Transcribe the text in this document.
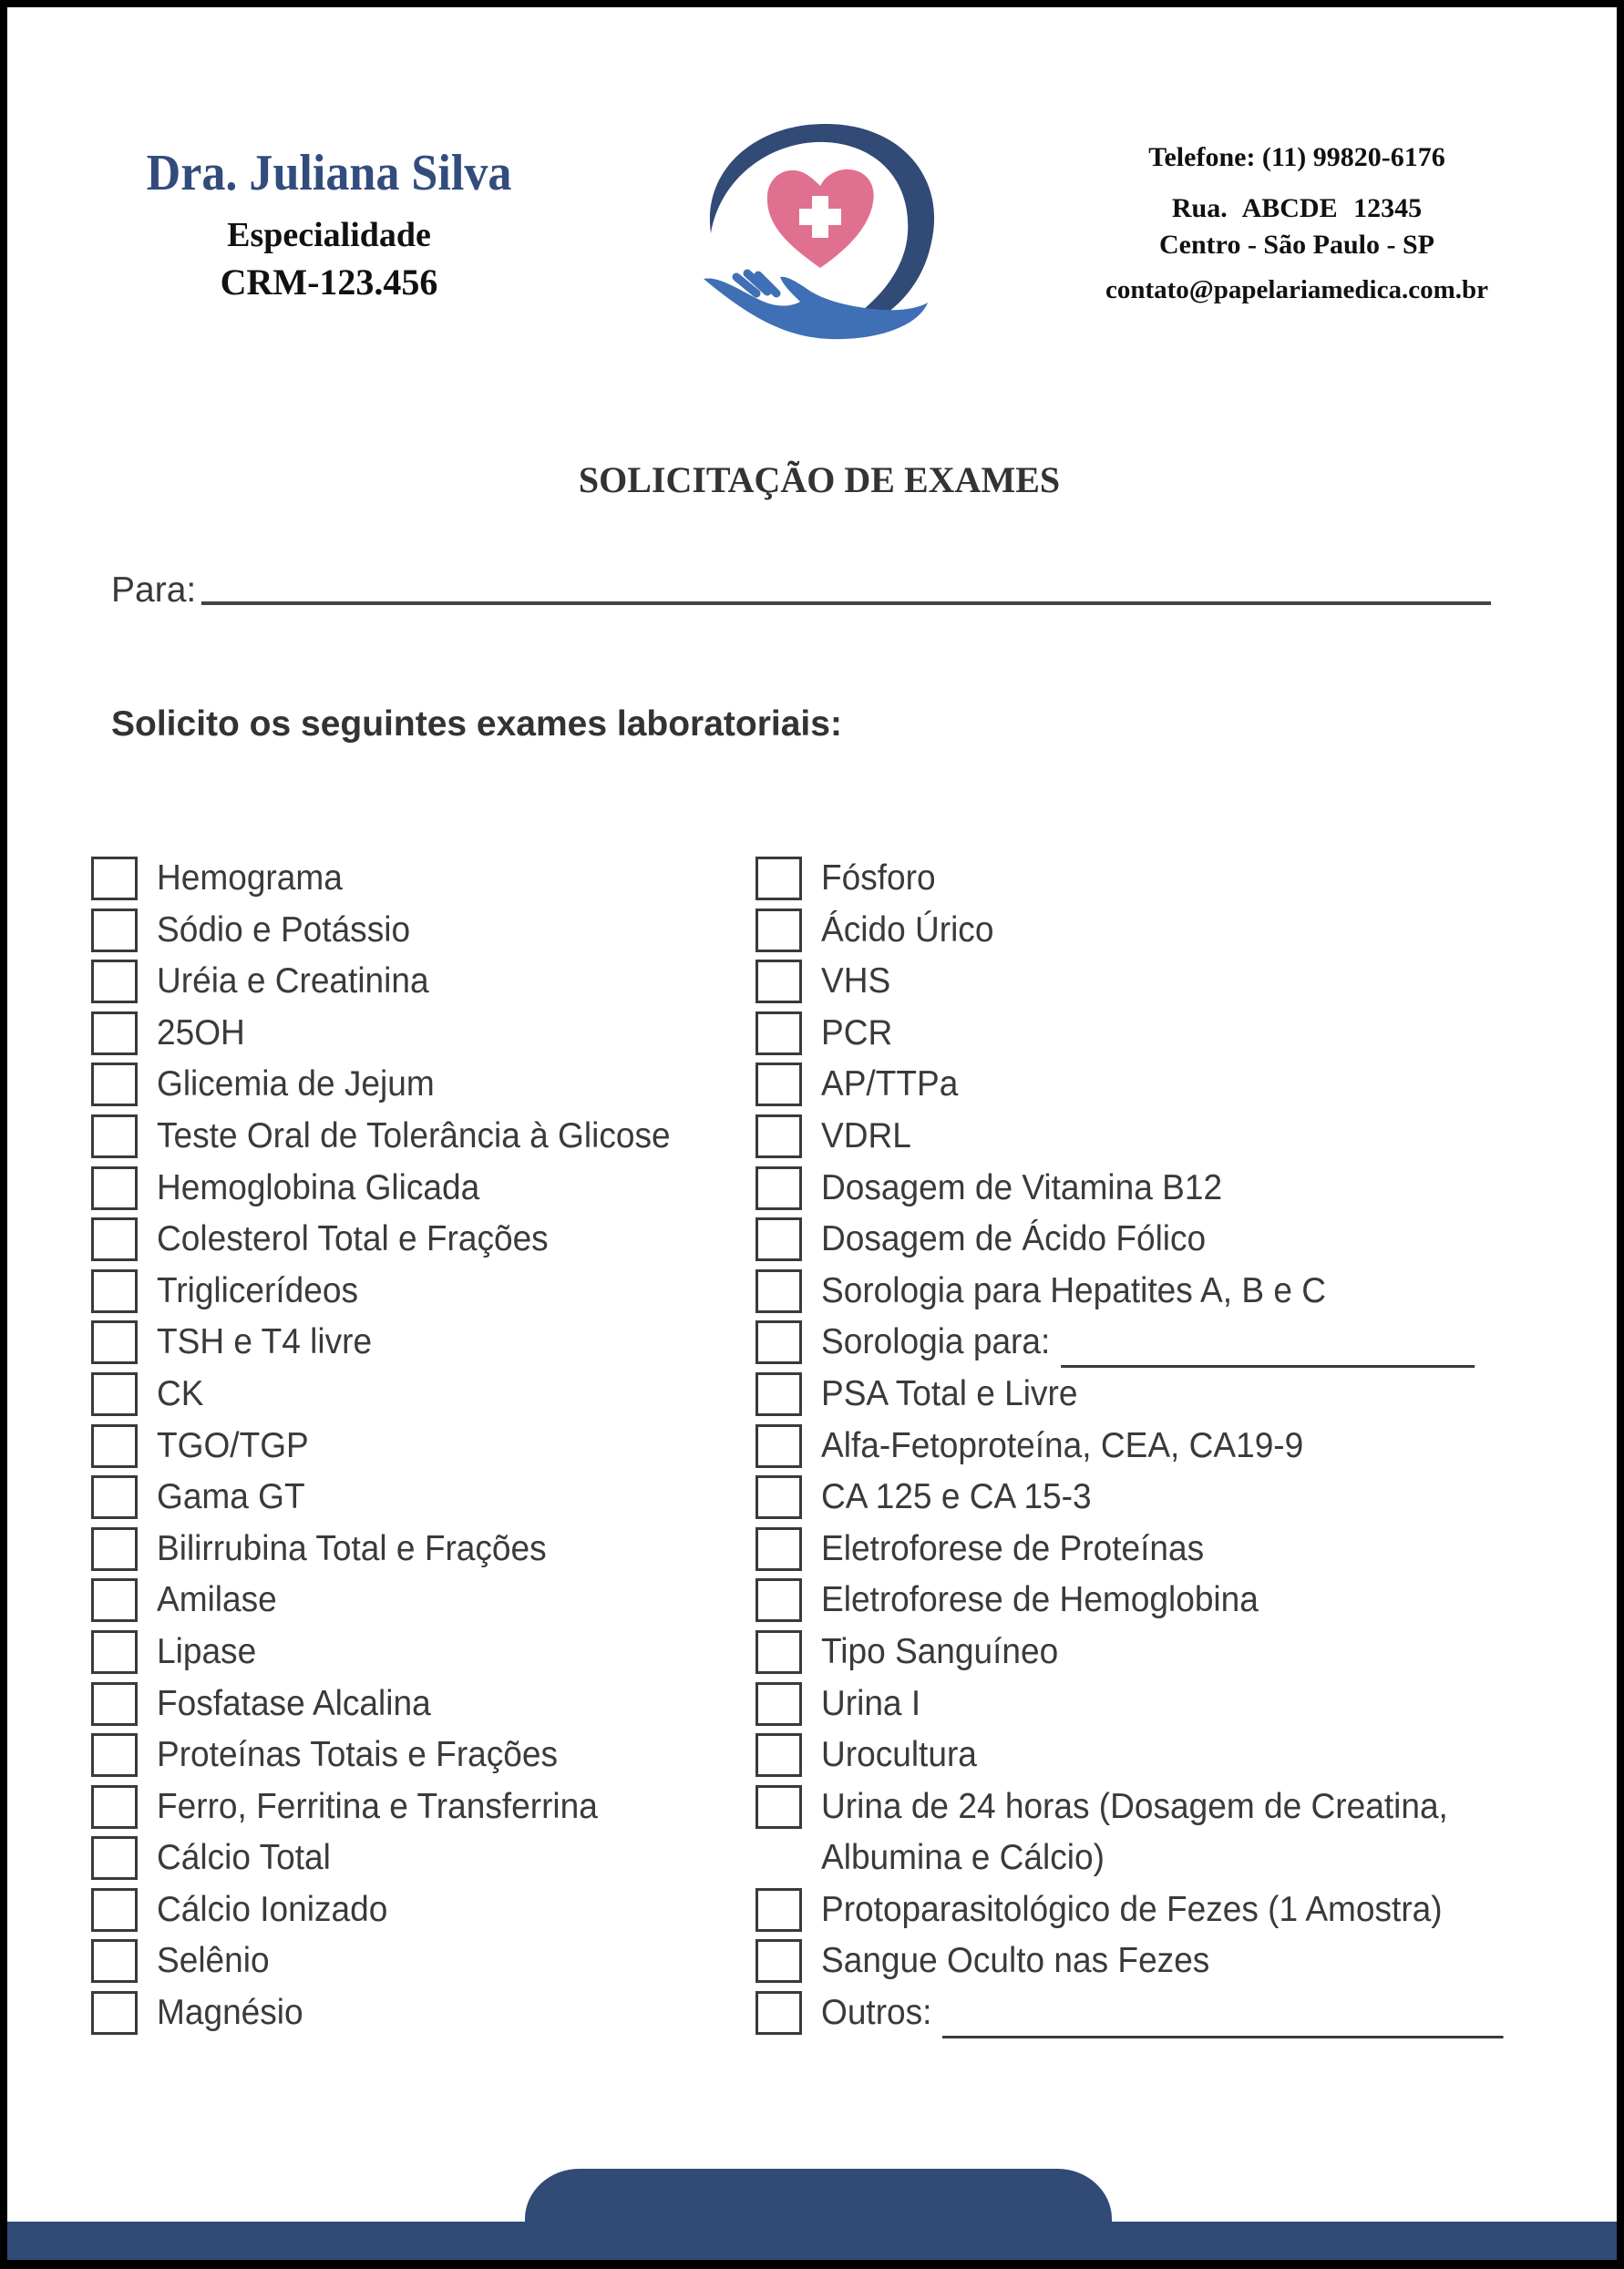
Dra. Juliana Silva
Especialidade
CRM-123.456
Telefone: (11) 99820-6176
Rua. ABCDE 12345
Centro - São Paulo - SP
contato@papelariamedica.com.br
SOLICITAÇÃO DE EXAMES
Para:
Solicito os seguintes exames laboratoriais:
Hemograma
Sódio e Potássio
Uréia e Creatinina
25OH
Glicemia de Jejum
Teste Oral de Tolerância à Glicose
Hemoglobina Glicada
Colesterol Total e Frações
Triglicerídeos
TSH e T4 livre
CK
TGO/TGP
Gama GT
Bilirrubina Total e Frações
Amilase
Lipase
Fosfatase Alcalina
Proteínas Totais e Frações
Ferro, Ferritina e Transferrina
Cálcio Total
Cálcio Ionizado
Selênio
Magnésio
Fósforo
Ácido Úrico
VHS
PCR
AP/TTPa
VDRL
Dosagem de Vitamina B12
Dosagem de Ácido Fólico
Sorologia para Hepatites A, B e C
Sorologia para:
PSA Total e Livre
Alfa-Fetoproteína, CEA, CA19-9
CA 125 e CA 15-3
Eletroforese de Proteínas
Eletroforese de Hemoglobina
Tipo Sanguíneo
Urina I
Urocultura
Urina de 24 horas (Dosagem de Creatina,
Albumina e Cálcio)
Protoparasitológico de Fezes (1 Amostra)
Sangue Oculto nas Fezes
Outros:
